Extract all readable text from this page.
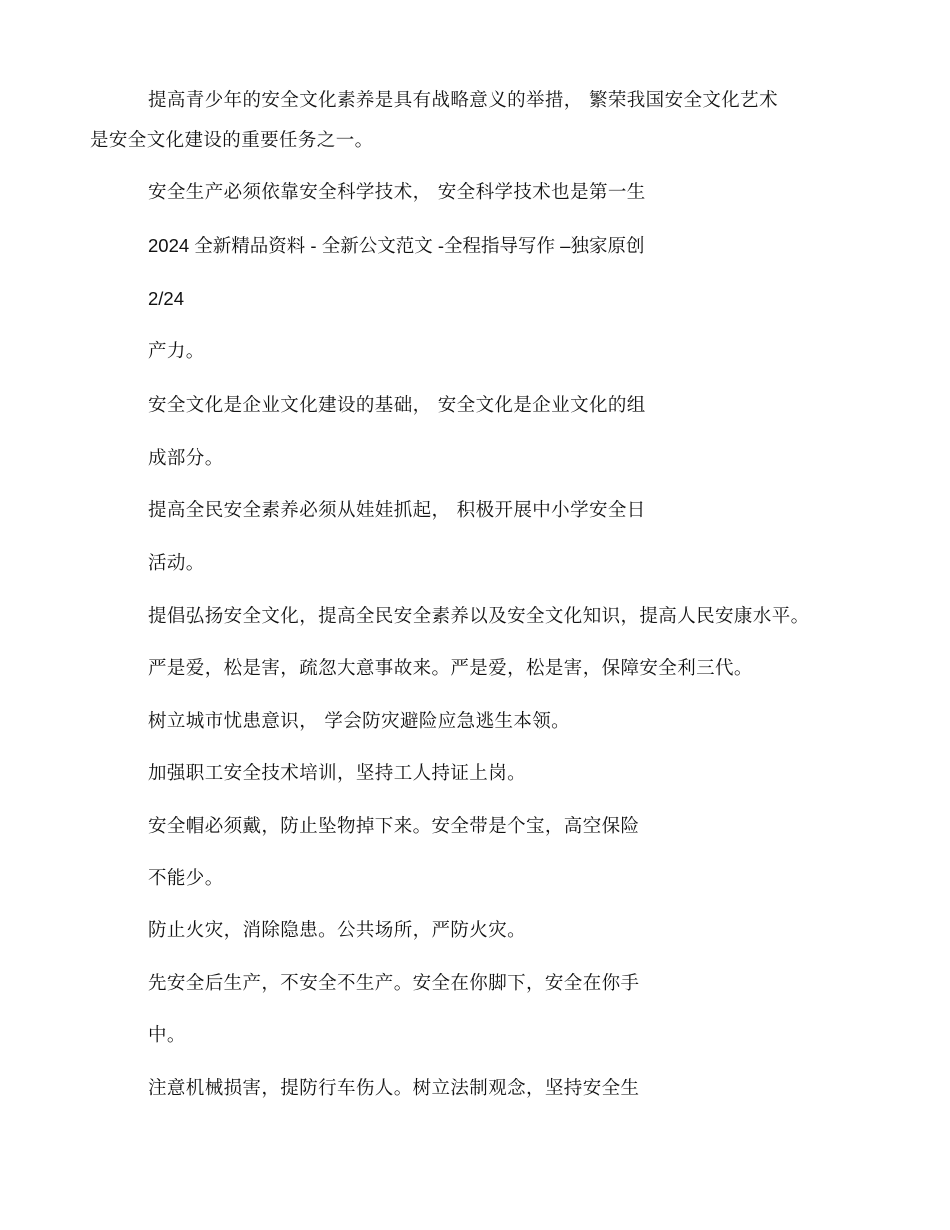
提高青少年的安全文化素养是具有战略意义的举措， 繁荣我国安全文化艺术
是安全文化建设的重要任务之一。
安全生产必须依靠安全科学技术， 安全科学技术也是第一生
2024 全新精品资料 - 全新公文范文 -全程指导写作 –独家原创
2/24
产力。
安全文化是企业文化建设的基础， 安全文化是企业文化的组
成部分。
提高全民安全素养必须从娃娃抓起， 积极开展中小学安全日
活动。
提倡弘扬安全文化，提高全民安全素养以及安全文化知识，提高人民安康水平。
严是爱，松是害，疏忽大意事故来。严是爱，松是害，保障安全利三代。
树立城市忧患意识， 学会防灾避险应急逃生本领。
加强职工安全技术培训，坚持工人持证上岗。
安全帽必须戴，防止坠物掉下来。安全带是个宝，高空保险
不能少。
防止火灾，消除隐患。公共场所，严防火灾。
先安全后生产，不安全不生产。安全在你脚下，安全在你手
中。
注意机械损害，提防行车伤人。树立法制观念，坚持安全生
